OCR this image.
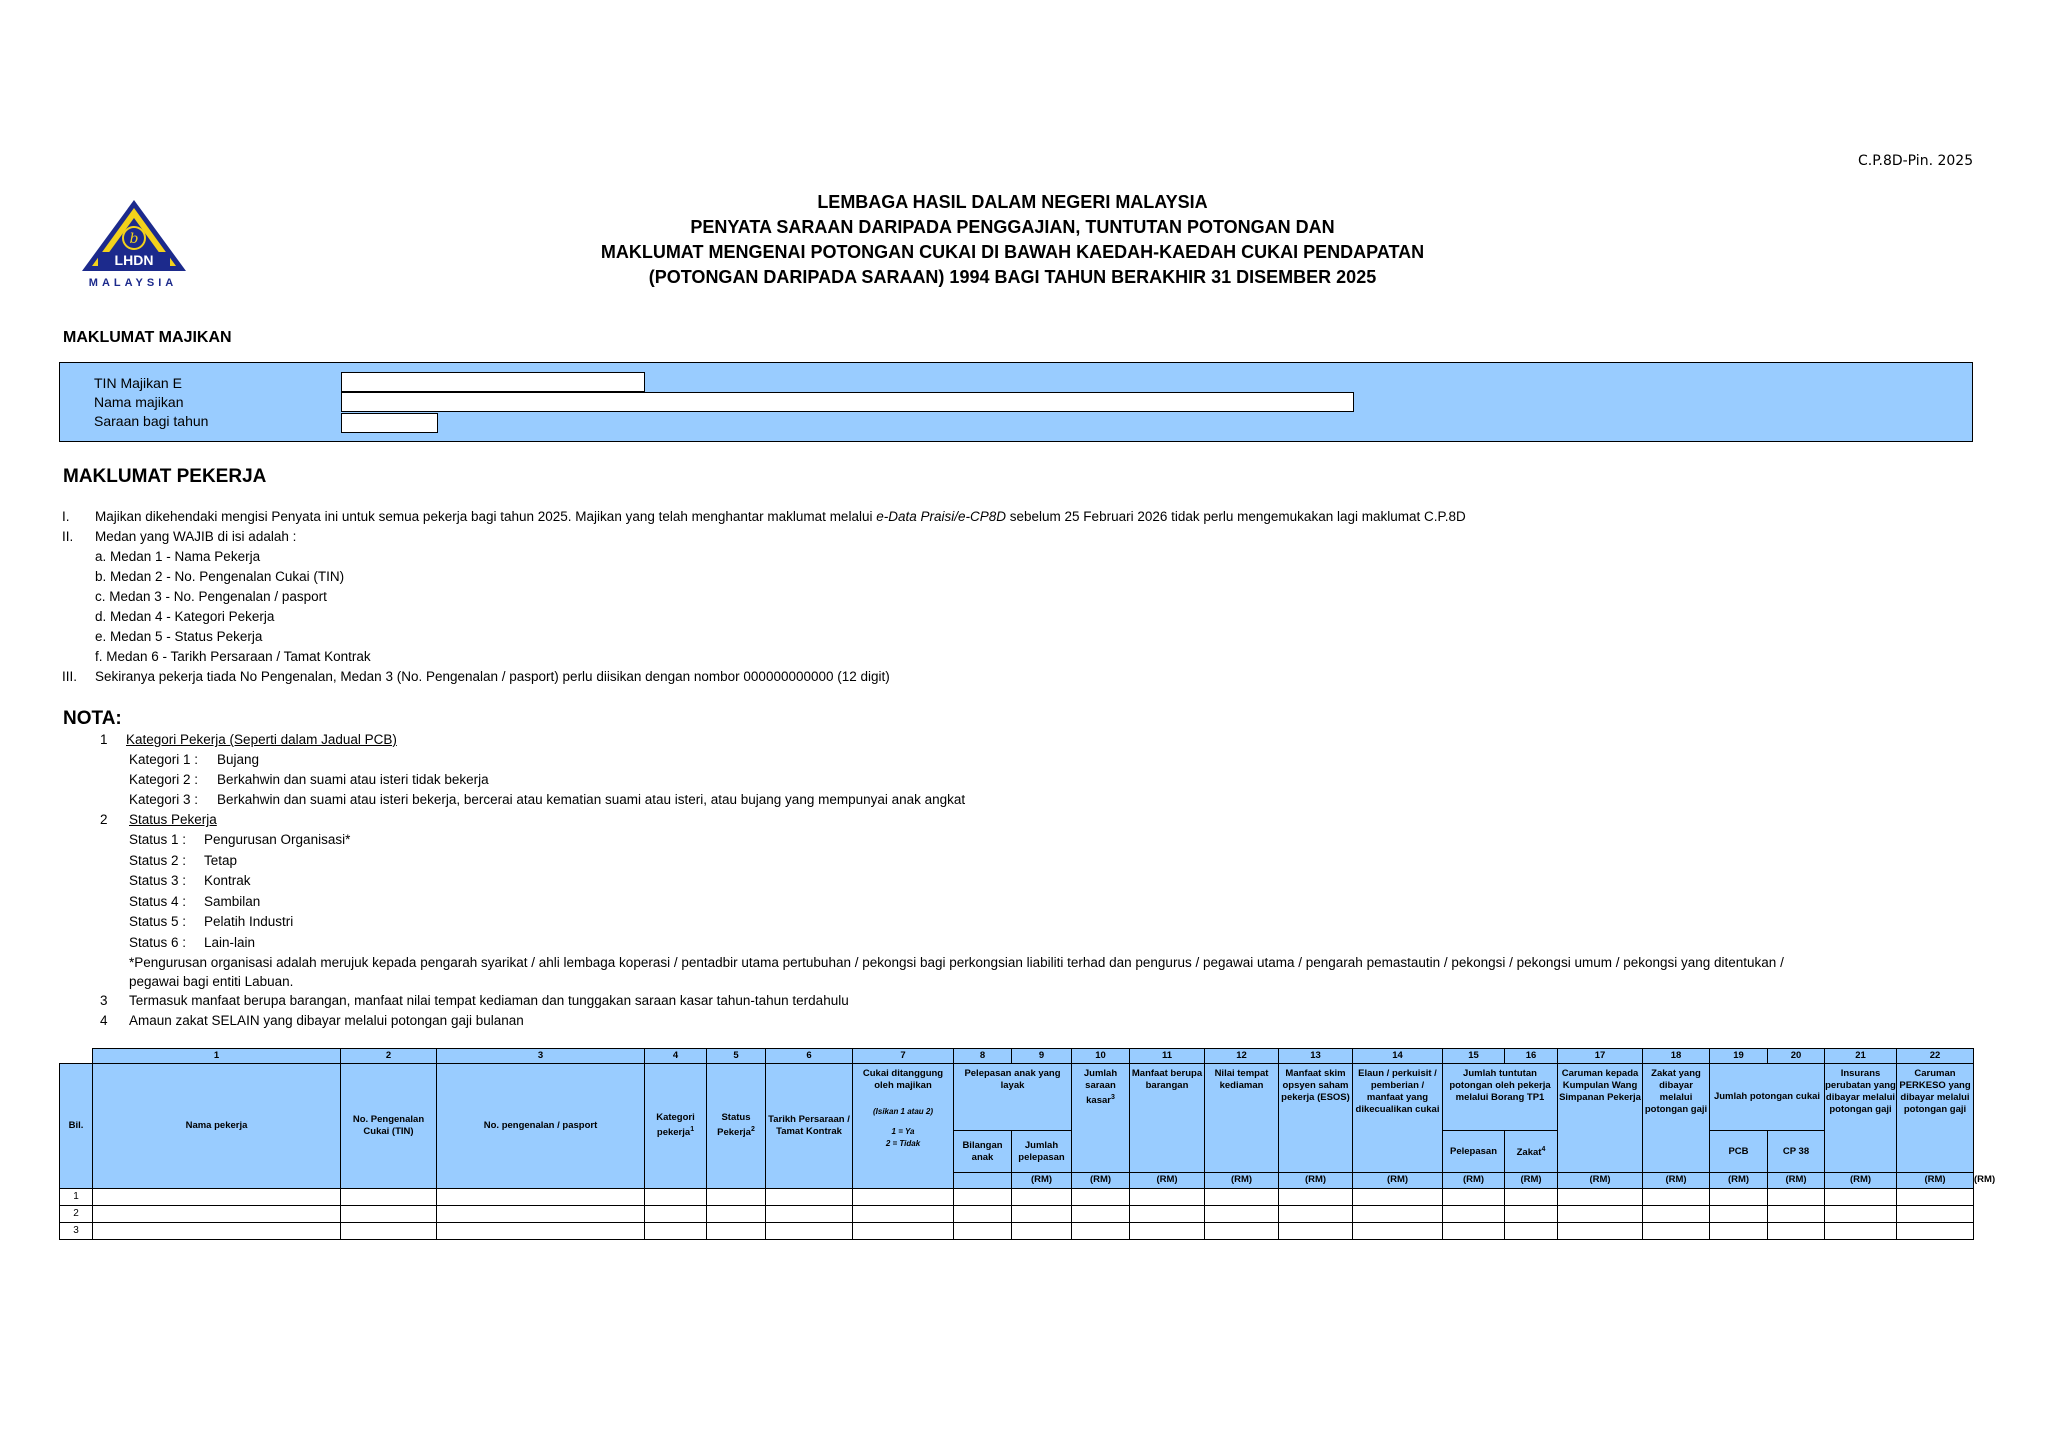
C.P.8D-Pin. 2025
b
LHDN
MALAYSIA
LEMBAGA HASIL DALAM NEGERI MALAYSIA
PENYATA SARAAN DARIPADA PENGGAJIAN, TUNTUTAN POTONGAN DAN
MAKLUMAT MENGENAI POTONGAN CUKAI DI BAWAH KAEDAH-KAEDAH CUKAI PENDAPATAN
(POTONGAN DARIPADA SARAAN) 1994 BAGI TAHUN BERAKHIR 31 DISEMBER 2025
MAKLUMAT MAJIKAN
TIN Majikan E
Nama majikan
Saraan bagi tahun
MAKLUMAT PEKERJA
I. Majikan dikehendaki mengisi Penyata ini untuk semua pekerja bagi tahun 2025. Majikan yang telah menghantar maklumat melalui e-Data Praisi/e-CP8D sebelum 25 Februari 2026 tidak perlu mengemukakan lagi maklumat C.P.8D
II. Medan yang WAJIB di isi adalah :
a. Medan 1 - Nama Pekerja
b. Medan 2 - No. Pengenalan Cukai (TIN)
c. Medan 3 - No. Pengenalan / pasport
d. Medan 4 - Kategori Pekerja
e. Medan 5 - Status Pekerja
f. Medan 6 - Tarikh Persaraan / Tamat Kontrak
III. Sekiranya pekerja tiada No Pengenalan, Medan 3 (No. Pengenalan / pasport) perlu diisikan dengan nombor 000000000000 (12 digit)
NOTA:
1 Kategori Pekerja (Seperti dalam Jadual PCB)
Kategori 1 : Bujang
Kategori 2 : Berkahwin dan suami atau isteri tidak bekerja
Kategori 3 : Berkahwin dan suami atau isteri bekerja, bercerai atau kematian suami atau isteri, atau bujang yang mempunyai anak angkat
2 Status Pekerja
Status 1 : Pengurusan Organisasi*
Status 2 : Tetap
Status 3 : Kontrak
Status 4 : Sambilan
Status 5 : Pelatih Industri
Status 6 : Lain-lain
*Pengurusan organisasi adalah merujuk kepada pengarah syarikat / ahli lembaga koperasi / pentadbir utama pertubuhan / pekongsi bagi perkongsian liabiliti terhad dan pengurus / pegawai utama / pengarah pemastautin / pekongsi / pekongsi umum / pekongsi yang ditentukan /
pegawai bagi entiti Labuan.
3 Termasuk manfaat berupa barangan, manfaat nilai tempat kediaman dan tunggakan saraan kasar tahun-tahun terdahulu
4 Amaun zakat SELAIN yang dibayar melalui potongan gaji bulanan
	1	2	3	4	5	6	7	8	9	10	11	12	13	14	15	16	17	18	19	20	21	22	
Bil.	Nama pekerja	No. Pengenalan Cukai (TIN)	No. pengenalan / pasport	Kategori pekerja$^1$	Status Pekerja$^2$	Tarikh Persaraan / Tamat Kontrak	Cukai ditanggung oleh majikan
(Isikan 1 atau 2)
1 = Ya
2 = Tidak	Pelepasan anak yang layak		Jumlah saraan kasar$^3$	Manfaat berupa barangan	Nilai tempat kediaman	Manfaat skim opsyen saham pekerja (ESOS)	Elaun / perkuisit / pemberian / manfaat yang dikecualikan cukai	Jumlah tuntutan potongan oleh pekerja melalui Borang TP1		Caruman kepada Kumpulan Wang Simpanan Pekerja	Zakat yang dibayar melalui potongan gaji	Jumlah potongan cukai		Insurans perubatan yang dibayar melalui potongan gaji	Caruman PERKESO yang dibayar melalui potongan gaji	
								Bilangan anak	Jumlah pelepasan						Pelepasan	Zakat$^4$			PCB	CP 38			
									(RM)	(RM)	(RM)	(RM)	(RM)	(RM)	(RM)	(RM)	(RM)	(RM)	(RM)	(RM)	(RM)	(RM)	(RM)
1																							
2																							
3																							
